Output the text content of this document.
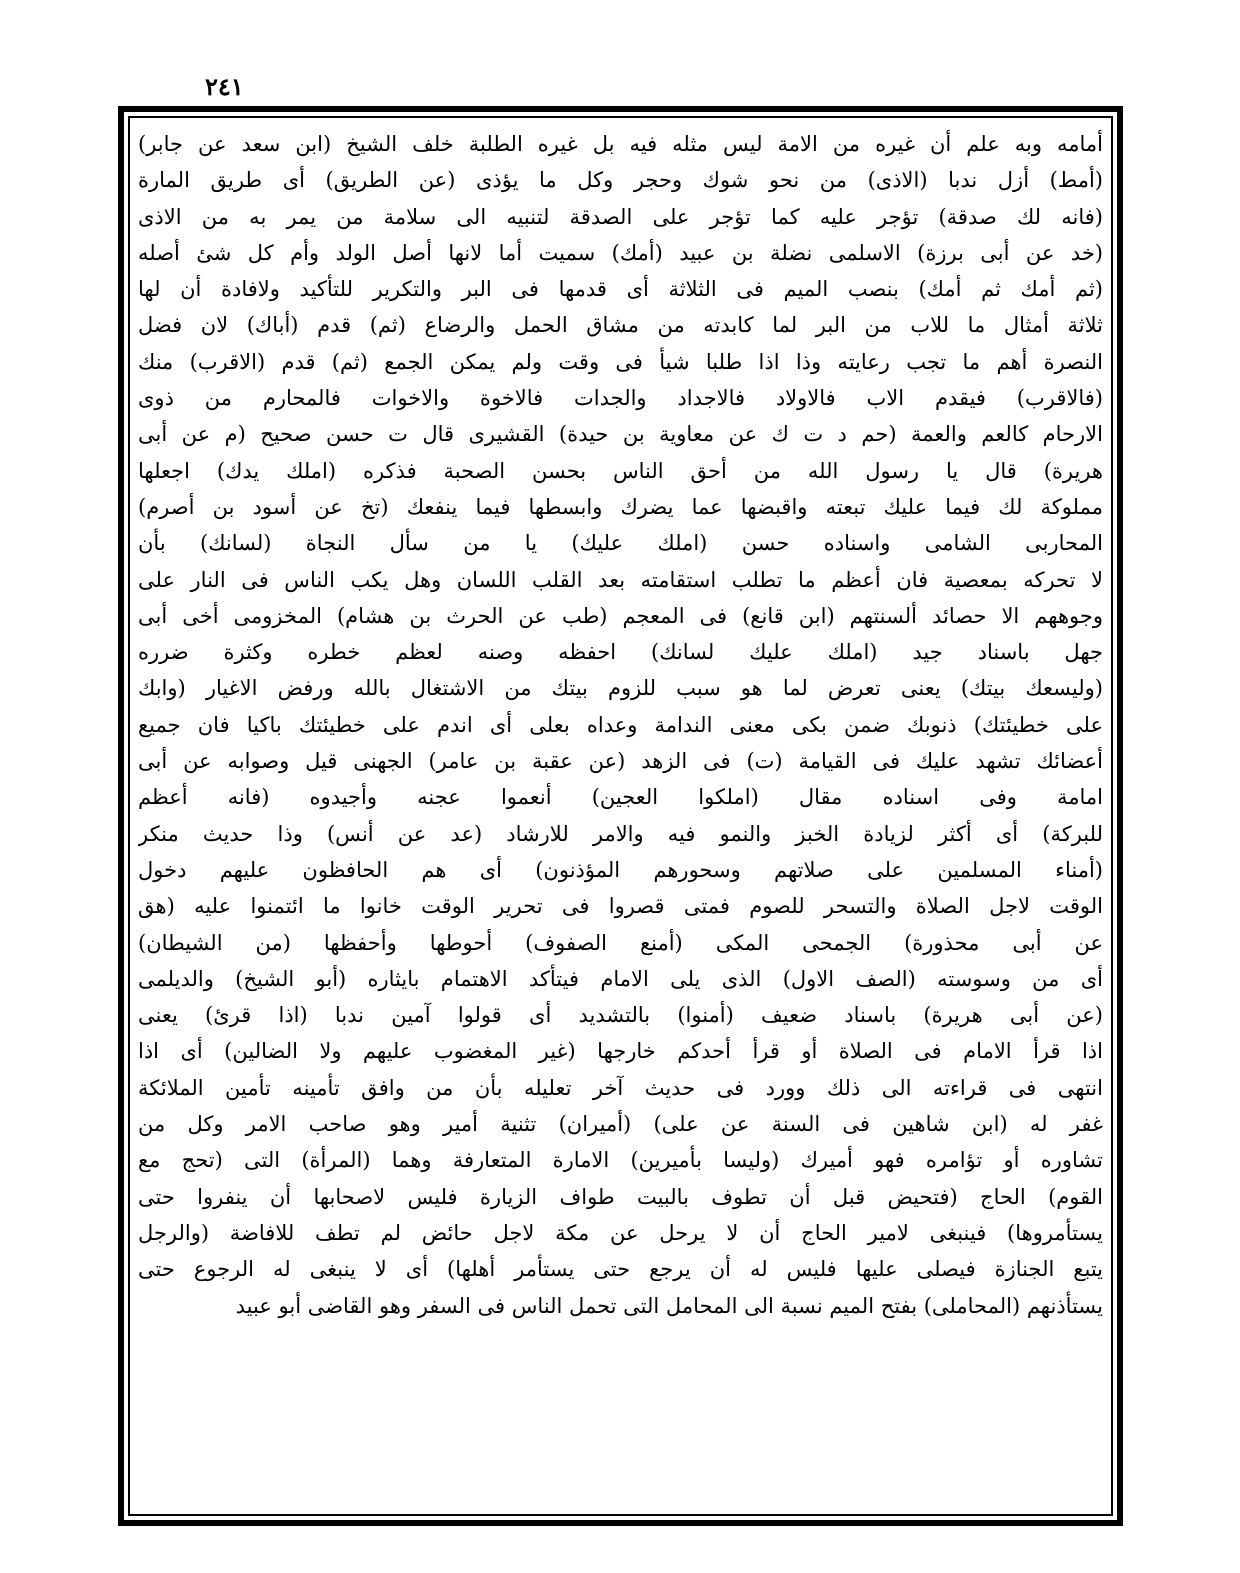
٢٤١
أمامه وبه علم أن غيره من الامة ليس مثله فيه بل غيره الطلبة خلف الشيخ (ابن سعد عن جابر)
(أمط) أزل ندبا (الاذى) من نحو شوك وحجر وكل ما يؤذى (عن الطريق) أى طريق المارة
(فانه لك صدقة) تؤجر عليه كما تؤجر على الصدقة لتنبيه الى سلامة من يمر به من الاذى
(خد عن أبى برزة) الاسلمى نضلة بن عبيد (أمك) سميت أما لانها أصل الولد وأم كل شئ أصله
(ثم أمك ثم أمك) بنصب الميم فى الثلاثة أى قدمها فى البر والتكرير للتأكيد ولافادة أن لها
ثلاثة أمثال ما للاب من البر لما كابدته من مشاق الحمل والرضاع (ثم) قدم (أباك) لان فضل
النصرة أهم ما تجب رعايته وذا اذا طلبا شيأ فى وقت ولم يمكن الجمع (ثم) قدم (الاقرب) منك
(فالاقرب) فيقدم الاب فالاولاد فالاجداد والجدات فالاخوة والاخوات فالمحارم من ذوى
الارحام كالعم والعمة (حم د ت ك عن معاوية بن حيدة) القشيرى قال ت حسن صحيح (م عن أبى
هريرة) قال يا رسول الله من أحق الناس بحسن الصحبة فذكره (املك يدك) اجعلها
مملوكة لك فيما عليك تبعته واقبضها عما يضرك وابسطها فيما ينفعك (تخ عن أسود بن أصرم)
المحاربى الشامى واسناده حسن (املك عليك) يا من سأل النجاة (لسانك) بأن
لا تحركه بمعصية فان أعظم ما تطلب استقامته بعد القلب اللسان وهل يكب الناس فى النار على
وجوههم الا حصائد ألسنتهم (ابن قانع) فى المعجم (طب عن الحرث بن هشام) المخزومى أخى أبى
جهل باسناد جيد (املك عليك لسانك) احفظه وصنه لعظم خطره وكثرة ضرره
(وليسعك بيتك) يعنى تعرض لما هو سبب للزوم بيتك من الاشتغال بالله ورفض الاغيار (وابك
على خطيئتك) ذنوبك ضمن بكى معنى الندامة وعداه بعلى أى اندم على خطيئتك باكيا فان جميع
أعضائك تشهد عليك فى القيامة (ت) فى الزهد (عن عقبة بن عامر) الجهنى قيل وصوابه عن أبى
امامة وفى اسناده مقال (املكوا العجين) أنعموا عجنه وأجيدوه (فانه أعظم
للبركة) أى أكثر لزيادة الخبز والنمو فيه والامر للارشاد (عد عن أنس) وذا حديث منكر
(أمناء المسلمين على صلاتهم وسحورهم المؤذنون) أى هم الحافظون عليهم دخول
الوقت لاجل الصلاة والتسحر للصوم فمتى قصروا فى تحرير الوقت خانوا ما ائتمنوا عليه (هق
عن أبى محذورة) الجمحى المكى (أمنع الصفوف) أحوطها وأحفظها (من الشيطان)
أى من وسوسته (الصف الاول) الذى يلى الامام فيتأكد الاهتمام بايثاره (أبو الشيخ) والديلمى
(عن أبى هريرة) باسناد ضعيف (أمنوا) بالتشديد أى قولوا آمين ندبا (اذا قرئ) يعنى
اذا قرأ الامام فى الصلاة أو قرأ أحدكم خارجها (غير المغضوب عليهم ولا الضالين) أى اذا
انتهى فى قراءته الى ذلك وورد فى حديث آخر تعليله بأن من وافق تأمينه تأمين الملائكة
غفر له (ابن شاهين فى السنة عن على) (أميران) تثنية أمير وهو صاحب الامر وكل من
تشاوره أو تؤامره فهو أميرك (وليسا بأميرين) الامارة المتعارفة وهما (المرأة) التى (تحج مع
القوم) الحاج (فتحيض قبل أن تطوف بالبيت طواف الزيارة فليس لاصحابها أن ينفروا حتى
يستأمروها) فينبغى لامير الحاج أن لا يرحل عن مكة لاجل حائض لم تطف للافاضة (والرجل
يتبع الجنازة فيصلى عليها فليس له أن يرجع حتى يستأمر أهلها) أى لا ينبغى له الرجوع حتى
يستأذنهم (المحاملى) بفتح الميم نسبة الى المحامل التى تحمل الناس فى السفر وهو القاضى أبو عبيد
